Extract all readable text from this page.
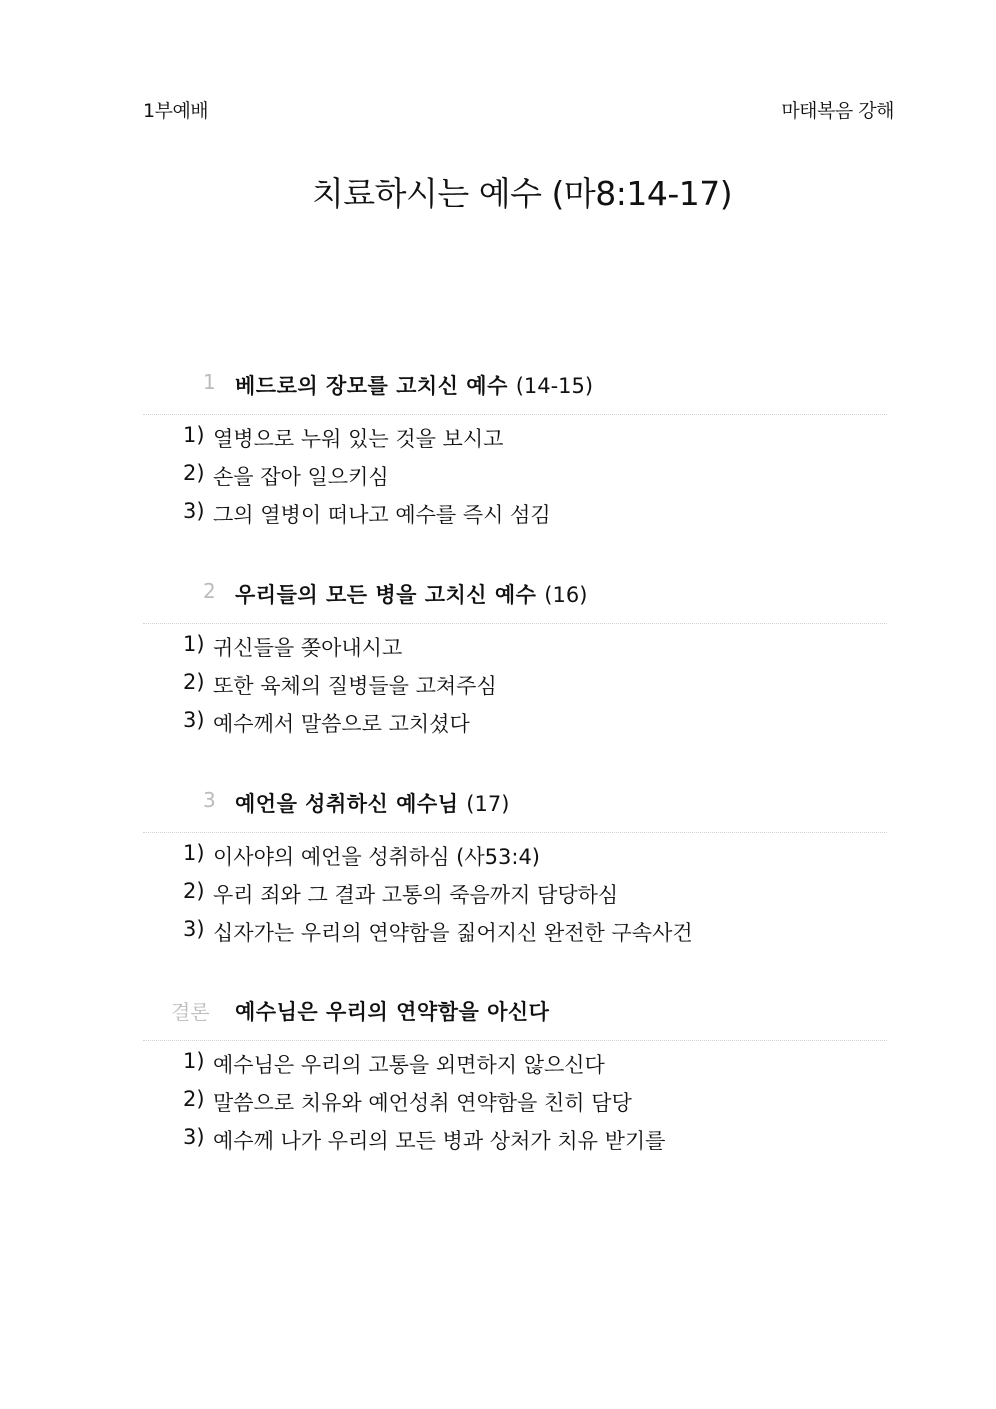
1부예배	마태복음 강해
치료하시는 예수 (마8:14-17)
1 베드로의 장모를 고치신 예수 (14-15)
1) 열병으로 누워 있는 것을 보시고
2) 손을 잡아 일으키심
3) 그의 열병이 떠나고 예수를 즉시 섬김
2 우리들의 모든 병을 고치신 예수 (16)
1) 귀신들을 쫒아내시고
2) 또한 육체의 질병들을 고쳐주심
3) 예수께서 말씀으로 고치셨다
3 예언을 성취하신 예수님 (17)
1) 이사야의 예언을 성취하심 (사53:4)
2) 우리 죄와 그 결과 고통의 죽음까지 담당하심
3) 십자가는 우리의 연약함을 짊어지신 완전한 구속사건
결론 예수님은 우리의 연약함을 아신다
1) 예수님은 우리의 고통을 외면하지 않으신다
2) 말씀으로 치유와 예언성취 연약함을 친히 담당
3) 예수께 나가 우리의 모든 병과 상처가 치유 받기를
